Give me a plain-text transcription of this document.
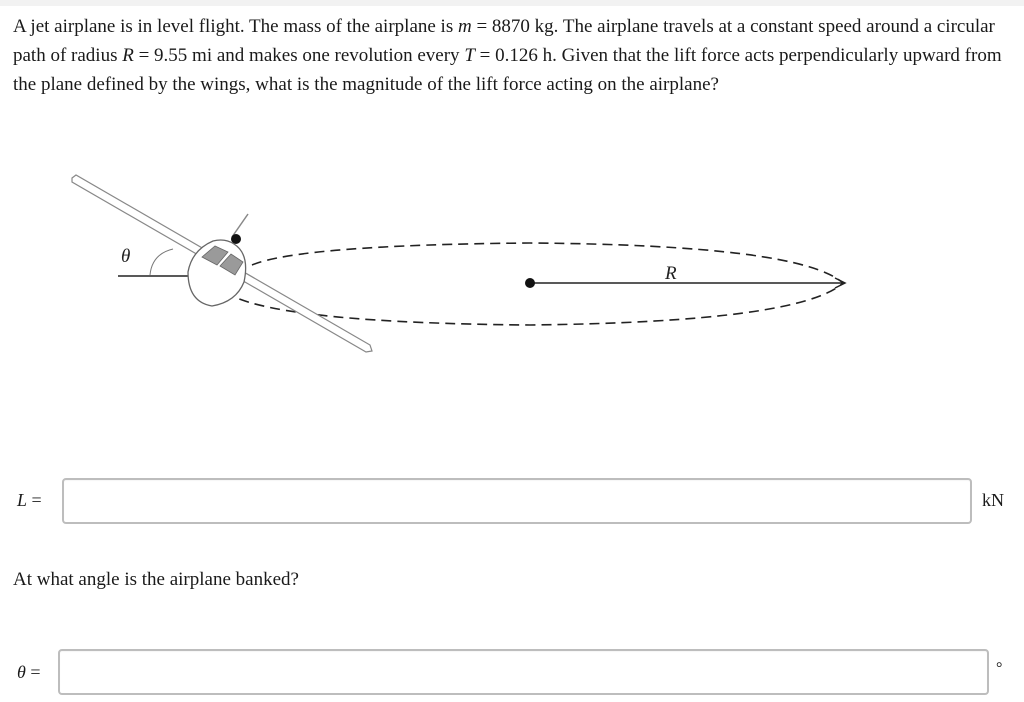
A jet airplane is in level flight. The mass of the airplane is m = 8870 kg. The airplane travels at a constant speed around a circular path of radius R = 9.55 mi and makes one revolution every T = 0.126 h. Given that the lift force acts perpendicularly upward from the plane defined by the wings, what is the magnitude of the lift force acting on the airplane?

θ
R
L =	kN
At what angle is the airplane banked?
θ =	°
